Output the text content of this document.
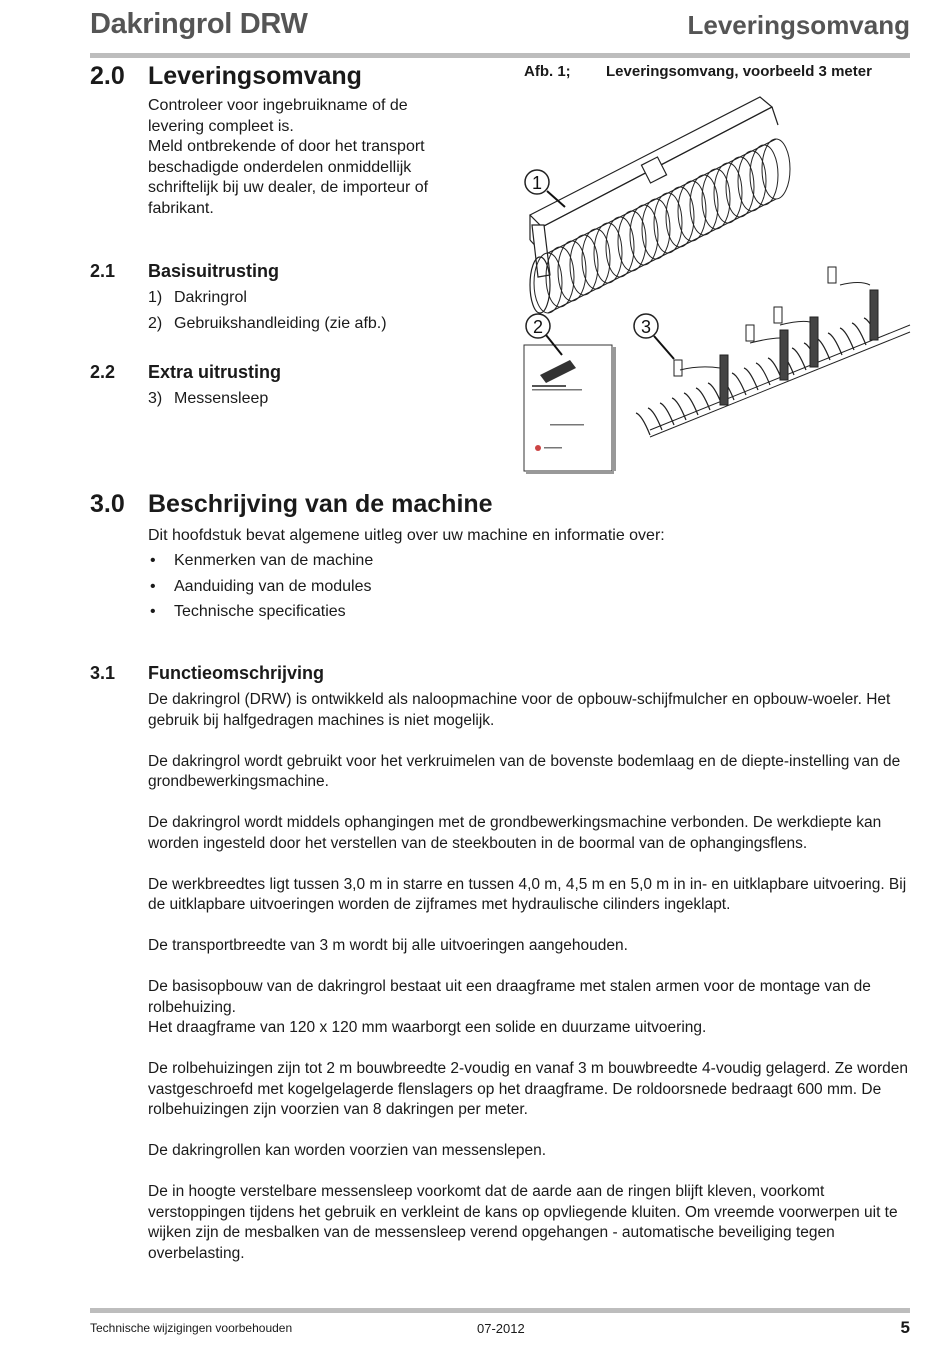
Dakringrol DRW	Leveringsomvang
2.0 Leveringsomvang
Controleer voor ingebruikname of de levering compleet is.
Meld ontbrekende of door het transport beschadigde onderdelen onmiddellijk schriftelijk bij uw dealer, de importeur of fabrikant.
2.1	Basisuitrusting
1) Dakringrol
2) Gebruikshandleiding (zie afb.)
2.2	Extra uitrusting
3) Messensleep
Afb. 1;	Leveringsomvang, voorbeeld 3 meter
1
2	3
3.0 Beschrijving van de machine
Dit hoofdstuk bevat algemene uitleg over uw machine en informatie over:
•	Kenmerken van de machine
•	Aanduiding van de modules
•	Technische specificaties
3.1	Functieomschrijving

De dakringrol (DRW) is ontwikkeld als naloopmachine voor de opbouw-schijfmulcher en opbouw-woeler. Het gebruik bij halfgedragen machines is niet mogelijk.

De dakringrol wordt gebruikt voor het verkruimelen van de bovenste bodemlaag en de diepte-instelling van de grondbewerkingsmachine.

De dakringrol wordt middels ophangingen met de grondbewerkingsmachine verbonden. De werkdiepte kan worden ingesteld door het verstellen van de steekbouten in de boormal van de ophangingsflens.

De werkbreedtes ligt tussen 3,0 m in starre en tussen 4,0 m, 4,5 m en 5,0 m in in- en uitklapbare uitvoering. Bij de uitklapbare uitvoeringen worden de zijframes met hydraulische cilinders ingeklapt.

De transportbreedte van 3 m wordt bij alle uitvoeringen aangehouden.

De basisopbouw van de dakringrol bestaat uit een draagframe met stalen armen voor de montage van de rolbehuizing.

Het draagframe van 120 x 120 mm waarborgt een solide en duurzame uitvoering.

De rolbehuizingen zijn tot 2 m bouwbreedte 2-voudig en vanaf 3 m bouwbreedte 4-voudig gelagerd. Ze worden vastgeschroefd met kogelgelagerde flenslagers op het draagframe. De roldoorsnede bedraagt 600 mm. De rolbehuizingen zijn voorzien van 8 dakringen per meter.

De dakringrollen kan worden voorzien van messenslepen.

De in hoogte verstelbare messensleep voorkomt dat de aarde aan de ringen blijft kleven, voorkomt verstoppingen tijdens het gebruik en verkleint de kans op opvliegende kluiten. Om vreemde voorwerpen uit te wijken zijn de mesbalken van de messensleep verend opgehangen - automatische beveiliging tegen overbelasting.

Technische wijzigingen voorbehouden	07-2012	5
